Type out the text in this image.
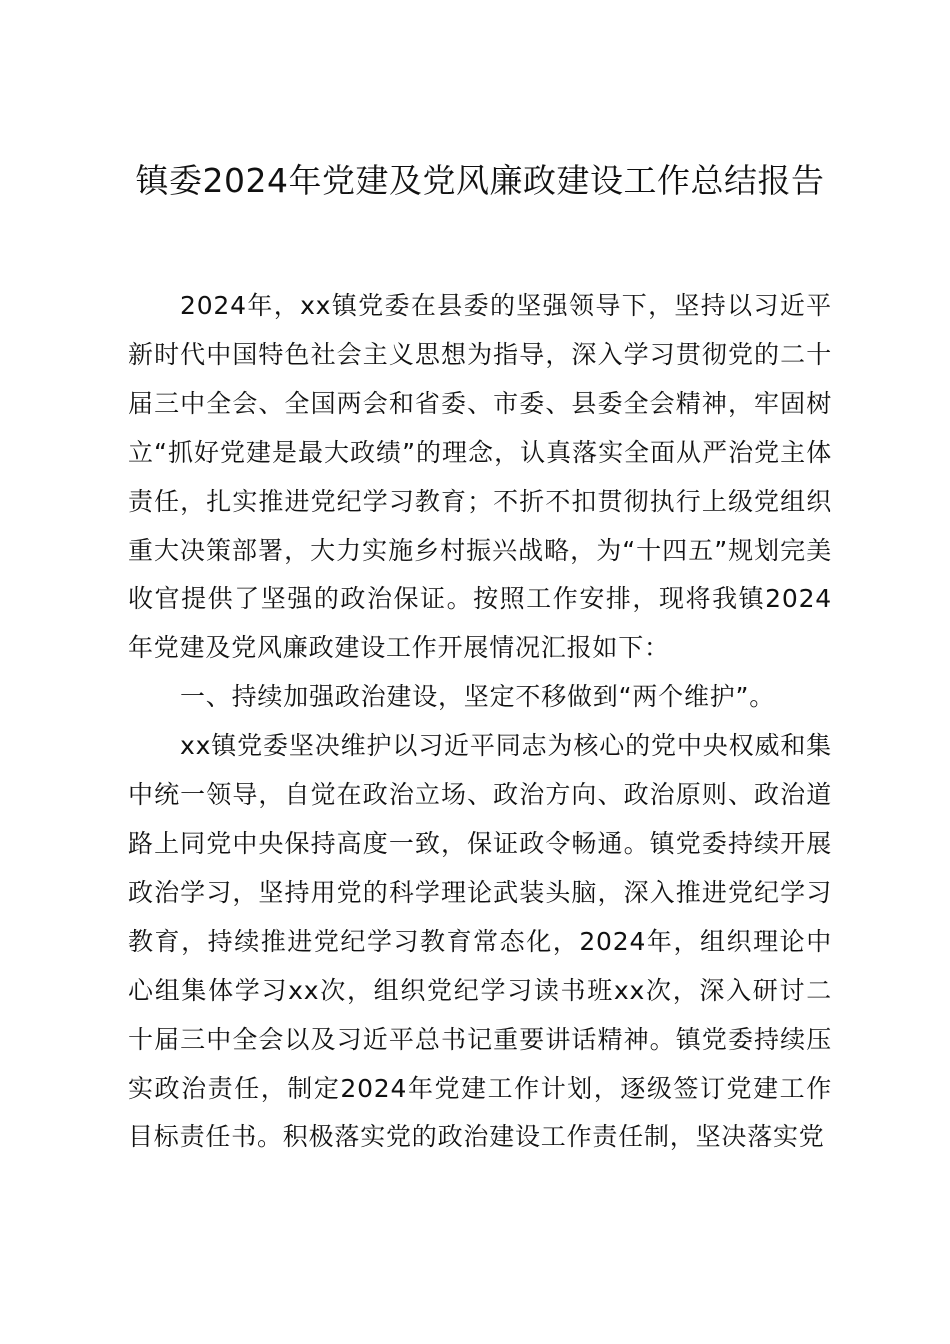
镇委2024年党建及党风廉政建设工作总结报告

2024年，xx镇党委在县委的坚强领导下，坚持以习近平新时代中国特色社会主义思想为指导，深入学习贯彻党的二十届三中全会、全国两会和省委、市委、县委全会精神，牢固树立“抓好党建是最大政绩”的理念，认真落实全面从严治党主体责任，扎实推进党纪学习教育；不折不扣贯彻执行上级党组织重大决策部署，大力实施乡村振兴战略，为“十四五”规划完美收官提供了坚强的政治保证。按照工作安排，现将我镇2024年党建及党风廉政建设工作开展情况汇报如下：

一、持续加强政治建设，坚定不移做到“两个维护”。

xx镇党委坚决维护以习近平同志为核心的党中央权威和集中统一领导，自觉在政治立场、政治方向、政治原则、政治道路上同党中央保持高度一致，保证政令畅通。镇党委持续开展政治学习，坚持用党的科学理论武装头脑，深入推进党纪学习教育，持续推进党纪学习教育常态化，2024年，组织理论中心组集体学习xx次，组织党纪学习读书班xx次，深入研讨二十届三中全会以及习近平总书记重要讲话精神。镇党委持续压实政治责任，制定2024年党建工作计划，逐级签订党建工作目标责任书。积极落实党的政治建设工作责任制，坚决落实党
